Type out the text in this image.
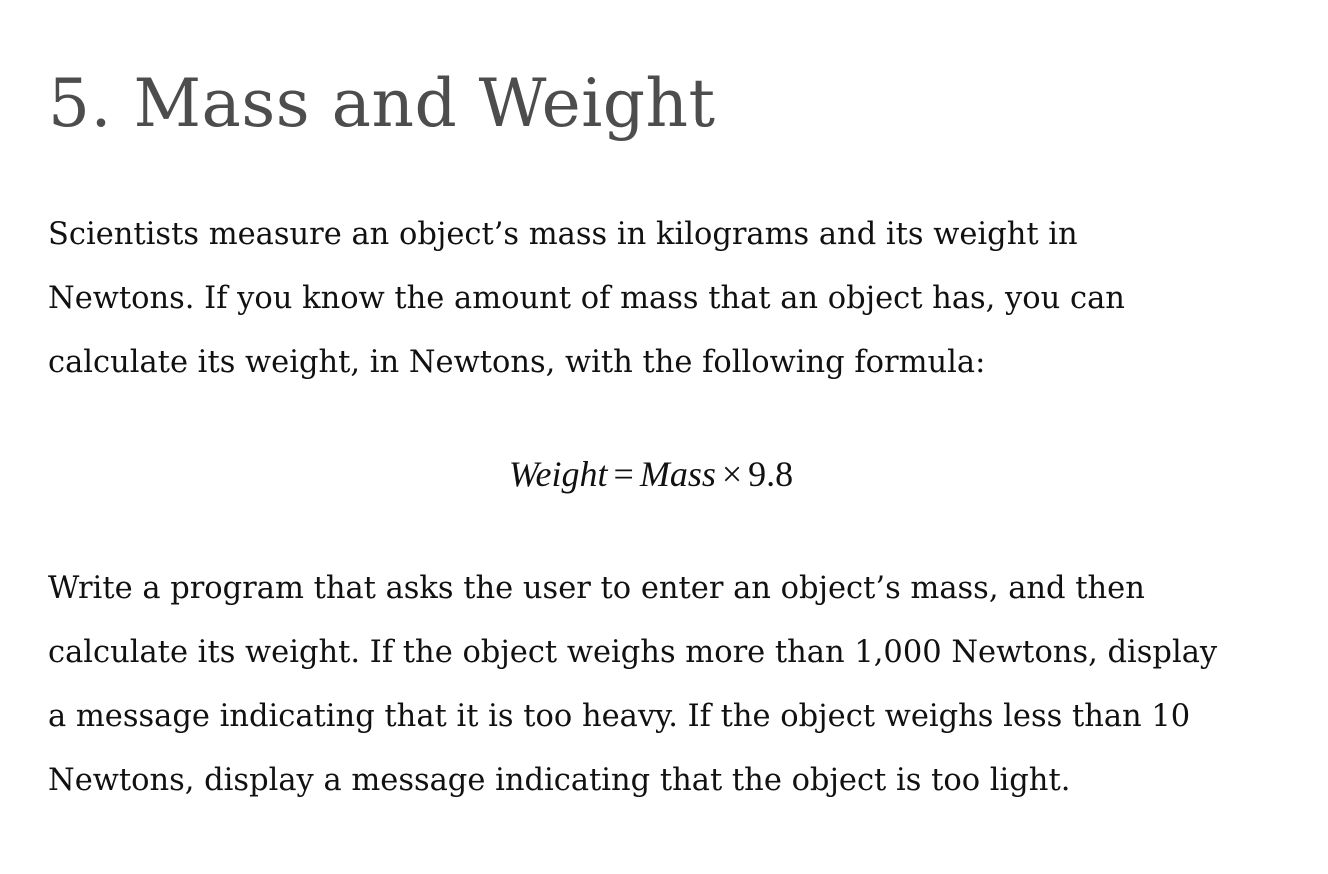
5. Mass and Weight

Scientists measure an object’s mass in kilograms and its weight in
Newtons. If you know the amount of mass that an object has, you can
calculate its weight, in Newtons, with the following formula:

Weight = Mass × 9.8

Write a program that asks the user to enter an object’s mass, and then
calculate its weight. If the object weighs more than 1,000 Newtons, display
a message indicating that it is too heavy. If the object weighs less than 10
Newtons, display a message indicating that the object is too light.
